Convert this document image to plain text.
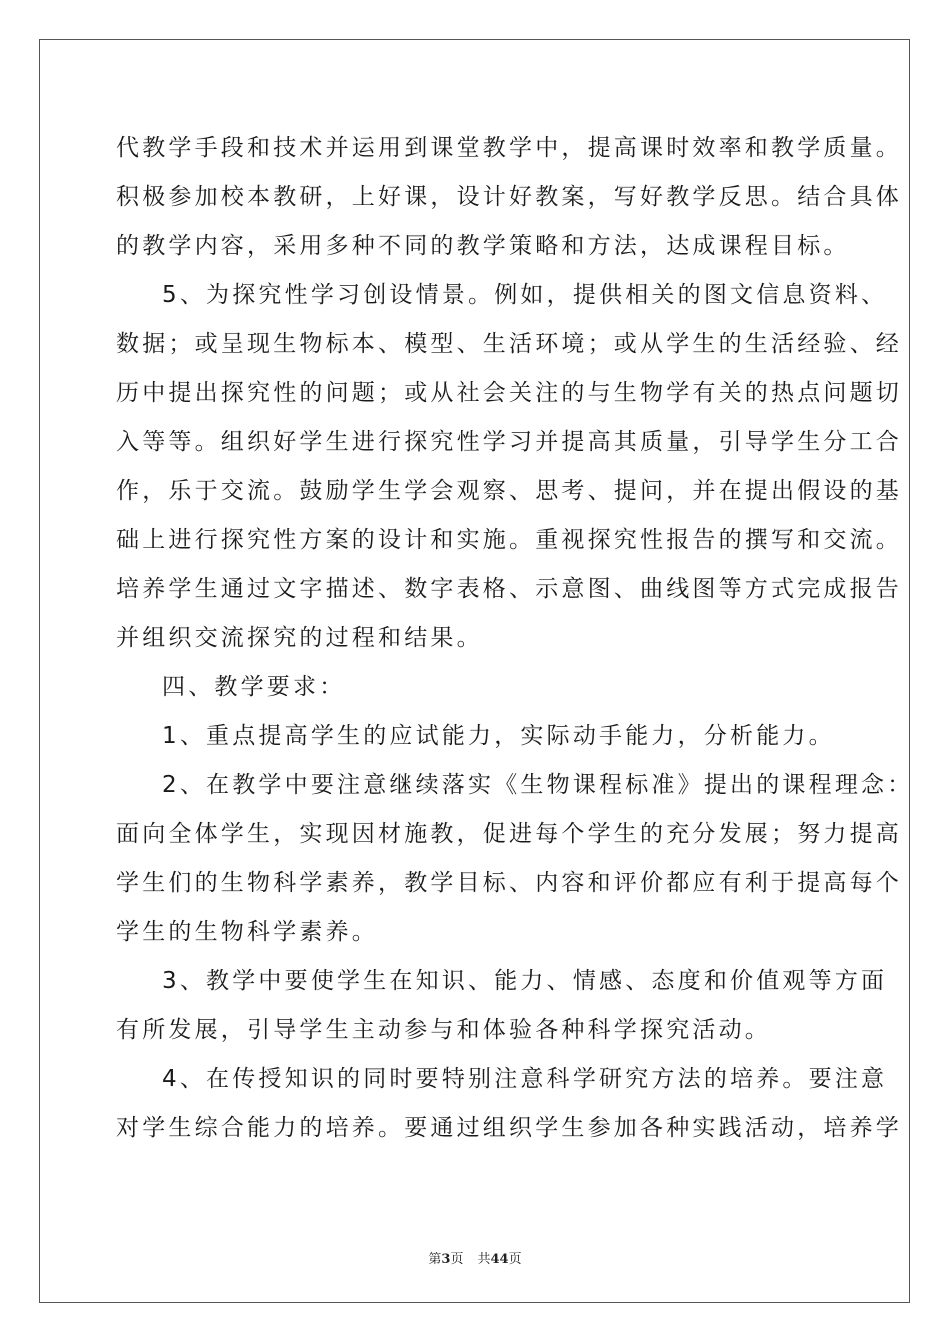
代教学手段和技术并运用到课堂教学中，提高课时效率和教学质量。
积极参加校本教研，上好课，设计好教案，写好教学反思。结合具体
的教学内容，采用多种不同的教学策略和方法，达成课程目标。
5、为探究性学习创设情景。例如，提供相关的图文信息资料、
数据；或呈现生物标本、模型、生活环境；或从学生的生活经验、经
历中提出探究性的问题；或从社会关注的与生物学有关的热点问题切
入等等。组织好学生进行探究性学习并提高其质量，引导学生分工合
作，乐于交流。鼓励学生学会观察、思考、提问，并在提出假设的基
础上进行探究性方案的设计和实施。重视探究性报告的撰写和交流。
培养学生通过文字描述、数字表格、示意图、曲线图等方式完成报告
并组织交流探究的过程和结果。
四、教学要求：
1、重点提高学生的应试能力，实际动手能力，分析能力。
2、在教学中要注意继续落实《生物课程标准》提出的课程理念：
面向全体学生，实现因材施教，促进每个学生的充分发展；努力提高
学生们的生物科学素养，教学目标、内容和评价都应有利于提高每个
学生的生物科学素养。
3、教学中要使学生在知识、能力、情感、态度和价值观等方面
有所发展，引导学生主动参与和体验各种科学探究活动。
4、在传授知识的同时要特别注意科学研究方法的培养。要注意
对学生综合能力的培养。要通过组织学生参加各种实践活动，培养学
第3页 共44页
